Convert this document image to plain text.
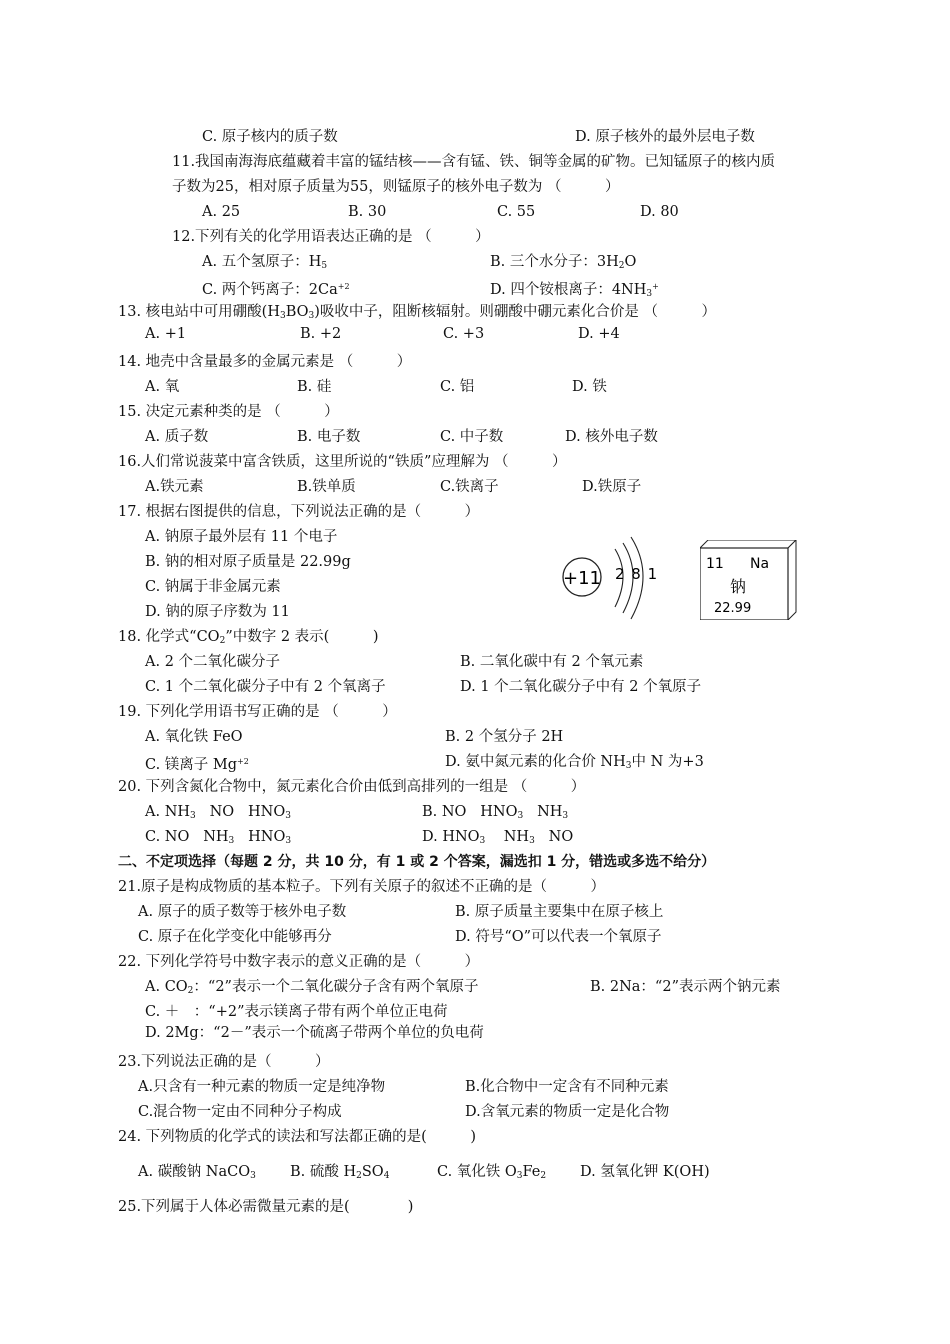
C. 原子核内的质子数	D. 原子核外的最外层电子数
11.我国南海海底蕴藏着丰富的锰结核——含有锰、铁、铜等金属的矿物。已知锰原子的核内质
子数为25，相对原子质量为55，则锰原子的核外电子数为 （　　　）
A. 25	B. 30	C. 55	D. 80
12.下列有关的化学用语表达正确的是 （　　　）
A. 五个氢原子：$H_5$	B. 三个水分子：$3H_2O$
C. 两个钙离子：$2Ca^{+2}$	D. 四个铵根离子：$4NH_3^+$
13. 核电站中可用硼酸$(H_3BO_3)$吸收中子，阻断核辐射。则硼酸中硼元素化合价是 （　　　）
A. +1	B. +2	C. +3	D. +4
14. 地壳中含量最多的金属元素是 （　　　）
A. 氧	B. 硅	C. 铝	D. 铁
15. 决定元素种类的是 （　　　）
A. 质子数	B. 电子数	C. 中子数	D. 核外电子数
16.人们常说菠菜中富含铁质，这里所说的“铁质”应理解为 （　　　）
A.铁元素	B.铁单质	C.铁离子	D.铁原子
17. 根据右图提供的信息，下列说法正确的是（　　　）
A. 钠原子最外层有 11 个电子
B. 钠的相对原子质量是 22.99g
C. 钠属于非金属元素
D. 钠的原子序数为 11
+11 2 8 1
11 Na
钠
22.99
18. 化学式“$CO_2$”中数字 2 表示(　　　)
A. 2 个二氧化碳分子	B. 二氧化碳中有 2 个氧元素
C. 1 个二氧化碳分子中有 2 个氧离子	D. 1 个二氧化碳分子中有 2 个氧原子
19. 下列化学用语书写正确的是 （　　　）
A. 氧化铁 FeO	B. 2 个氢分子 2H
C. 镁离子 $Mg^{+2}$	D. 氨中氮元素的化合价 $NH_3$中 N 为+3
20. 下列含氮化合物中，氮元素化合价由低到高排列的一组是 （　　　）
A. $NH_3$ NO $HNO_3$	B. NO $HNO_3$ $NH_3$
C. NO $NH_3$ $HNO_3$	D. $HNO_3$ $NH_3$ NO
二、不定项选择（每题 2 分，共 10 分，有 1 或 2 个答案，漏选扣 1 分，错选或多选不给分）
21.原子是构成物质的基本粒子。下列有关原子的叙述不正确的是（　　　）
A. 原子的质子数等于核外电子数	B. 原子质量主要集中在原子核上
C. 原子在化学变化中能够再分	D. 符号“O”可以代表一个氧原子
22. 下列化学符号中数字表示的意义正确的是（　　　）
A. $CO_2$：“2”表示一个二氧化碳分子含有两个氧原子	B. 2Na：“2”表示两个钠元素
C. ＋　：“+2”表示镁离子带有两个单位正电荷
D. 2Mg：“2－”表示一个硫离子带两个单位的负电荷
23.下列说法正确的是（　　　）
A.只含有一种元素的物质一定是纯净物	B.化合物中一定含有不同种元素
C.混合物一定由不同种分子构成	D.含氧元素的物质一定是化合物
24. 下列物质的化学式的读法和写法都正确的是(　　　)
A. 碳酸钠 NaCO$_3$ B. 硫酸 $H_2SO_4$	C. 氧化铁 $O_3Fe_2$ D. 氢氧化钾 K(OH)
25.下列属于人体必需微量元素的是(　　　　)
